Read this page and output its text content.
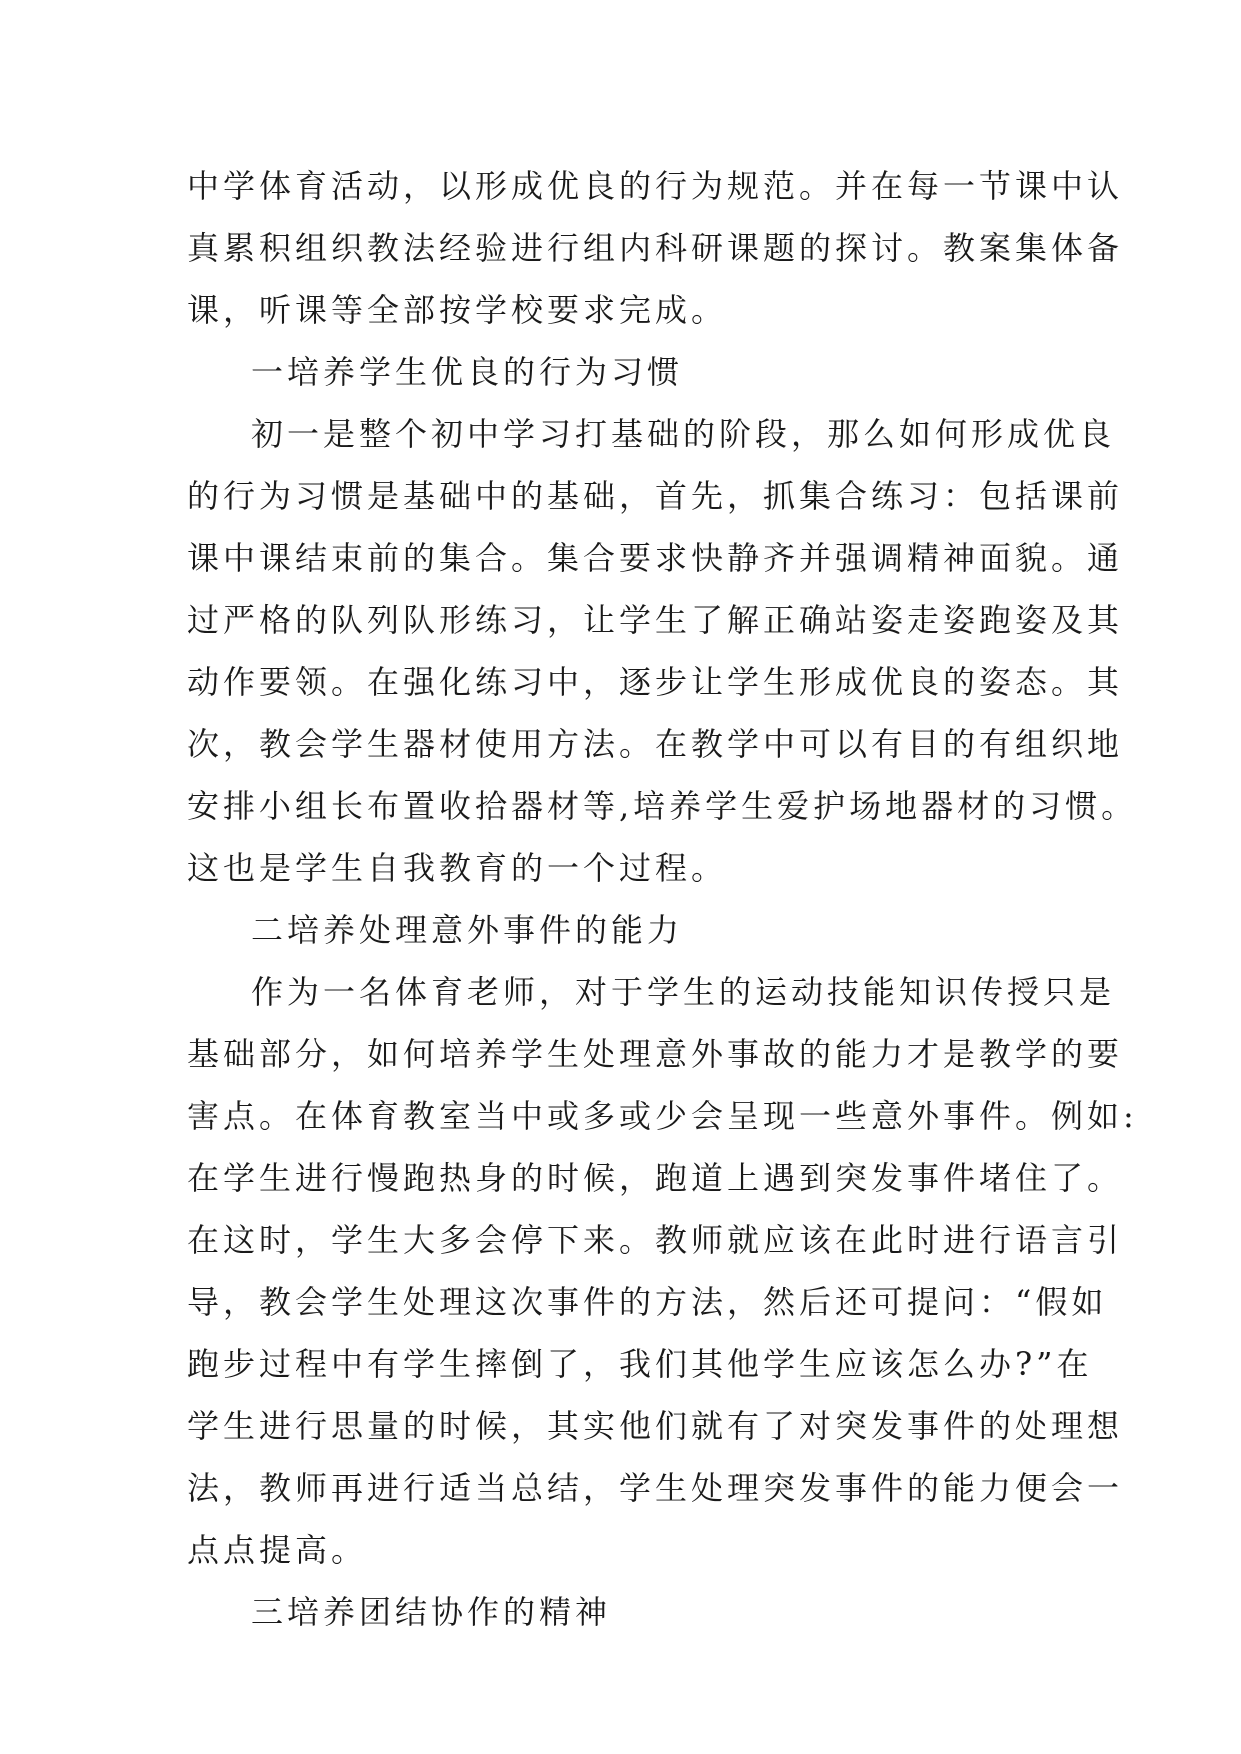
中学体育活动，以形成优良的行为规范。并在每一节课中认
真累积组织教法经验进行组内科研课题的探讨。教案集体备
课，听课等全部按学校要求完成。
一培养学生优良的行为习惯
初一是整个初中学习打基础的阶段，那么如何形成优良
的行为习惯是基础中的基础，首先，抓集合练习：包括课前
课中课结束前的集合。集合要求快静齐并强调精神面貌。通
过严格的队列队形练习，让学生了解正确站姿走姿跑姿及其
动作要领。在强化练习中，逐步让学生形成优良的姿态。其
次，教会学生器材使用方法。在教学中可以有目的有组织地
安排小组长布置收拾器材等,培养学生爱护场地器材的习惯。
这也是学生自我教育的一个过程。
二培养处理意外事件的能力
作为一名体育老师，对于学生的运动技能知识传授只是
基础部分，如何培养学生处理意外事故的能力才是教学的要
害点。在体育教室当中或多或少会呈现一些意外事件。例如:
在学生进行慢跑热身的时候，跑道上遇到突发事件堵住了。
在这时，学生大多会停下来。教师就应该在此时进行语言引
导，教会学生处理这次事件的方法，然后还可提问：“假如
跑步过程中有学生摔倒了，我们其他学生应该怎么办?”在
学生进行思量的时候，其实他们就有了对突发事件的处理想
法，教师再进行适当总结，学生处理突发事件的能力便会一
点点提高。
三培养团结协作的精神
